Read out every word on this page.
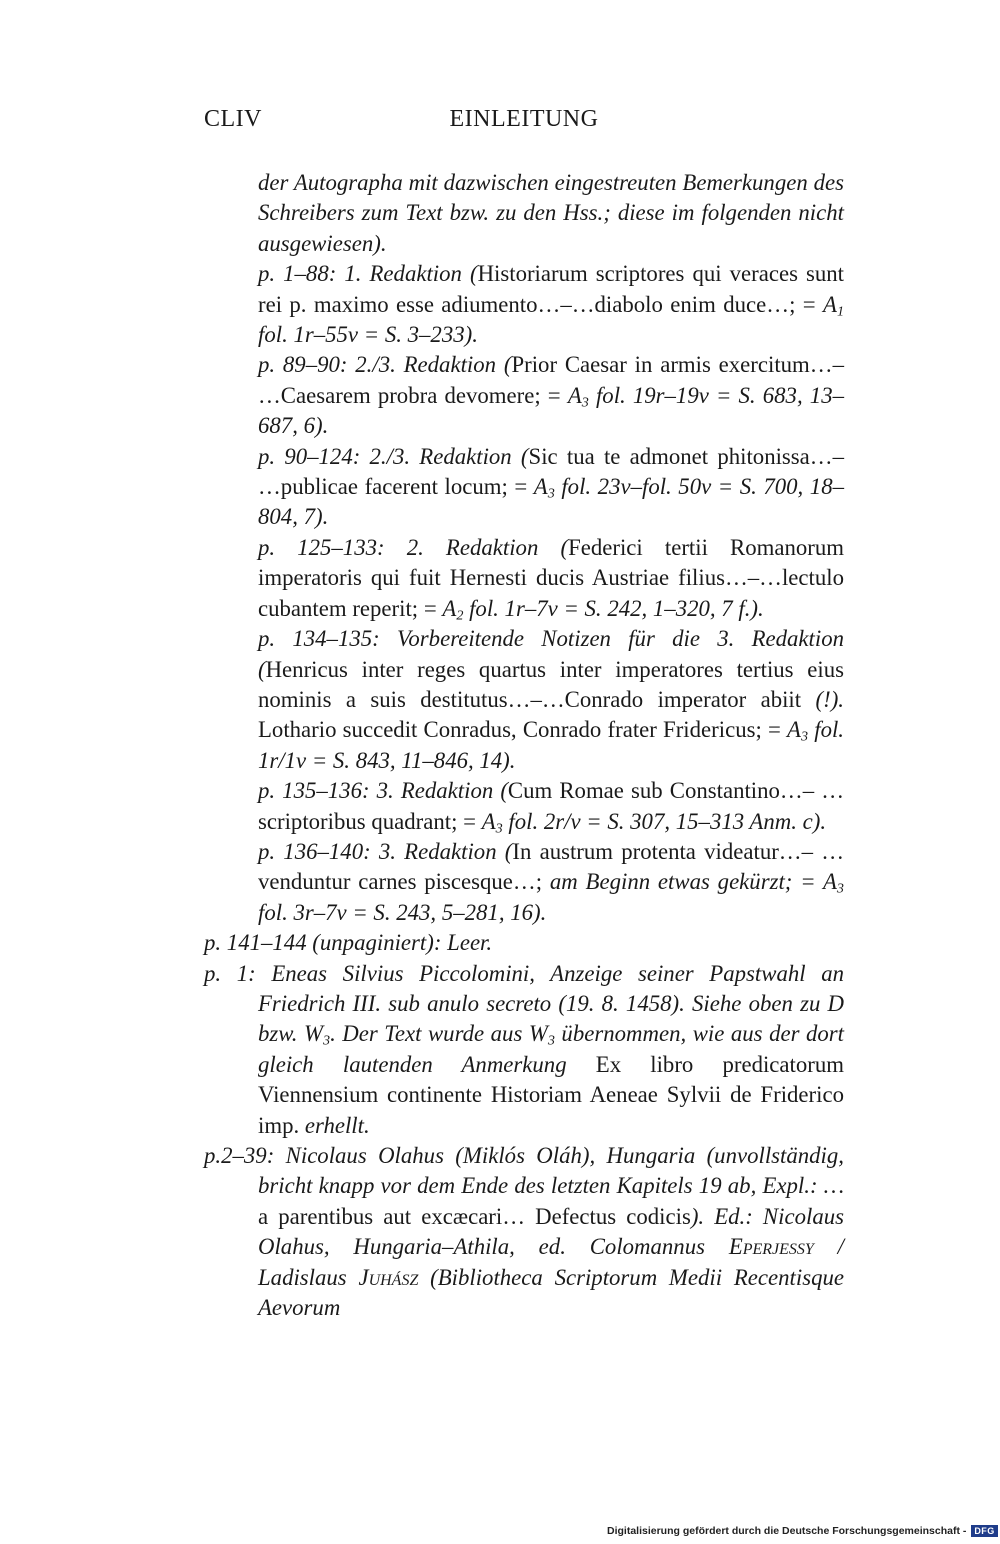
CLIV	EINLEITUNG

der Autographa mit dazwischen eingestreuten Bemerkungen des Schreibers zum Text bzw. zu den Hss.; diese im folgenden nicht ausgewiesen).

p. 1–88: 1. Redaktion (Historiarum scriptores qui veraces sunt rei p. maximo esse adiumento…–…diabolo enim duce…; = $A_1$ fol. 1r–55v = S. 3–233).

p. 89–90: 2./3. Redaktion (Prior Caesar in armis exercitum…– …Caesarem probra devomere; = $A_3$ fol. 19r–19v = S. 683, 13– 687, 6).

p. 90–124: 2./3. Redaktion (Sic tua te admonet phitonissa…– …publicae facerent locum; = $A_3$ fol. 23v–fol. 50v = S. 700, 18– 804, 7).

p. 125–133: 2. Redaktion (Federici tertii Romanorum imperatoris qui fuit Hernesti ducis Austriae filius…–…lectulo cubantem reperit; = $A_2$ fol. 1r–7v = S. 242, 1–320, 7 f.).

p. 134–135: Vorbereitende Notizen für die 3. Redaktion (Henricus inter reges quartus inter imperatores tertius eius nominis a suis destitutus…–…Conrado imperator abiit (!). Lothario succedit Conradus, Conrado frater Fridericus; = $A_3$ fol. 1r/1v = S. 843, 11–846, 14).

p. 135–136: 3. Redaktion (Cum Romae sub Constantino…– …scriptoribus quadrant; = $A_3$ fol. 2r/v = S. 307, 15–313 Anm. c).

p. 136–140: 3. Redaktion (In austrum protenta videatur…– …venduntur carnes piscesque…; am Beginn etwas gekürzt; = $A_3$ fol. 3r–7v = S. 243, 5–281, 16).

p. 141–144 (unpaginiert): Leer.

p. 1: Eneas Silvius Piccolomini, Anzeige seiner Papstwahl an Friedrich III. sub anulo secreto (19. 8. 1458). Siehe oben zu D bzw. $W_3$. Der Text wurde aus $W_3$ übernommen, wie aus der dort gleich lautenden Anmerkung Ex libro predicatorum Viennensium continente Historiam Aeneae Sylvii de Friderico imp. erhellt.

p.2–39: Nicolaus Olahus (Miklós Oláh), Hungaria (unvollständig, bricht knapp vor dem Ende des letzten Kapitels 19 ab, Expl.: … a parentibus aut excæcari… Defectus codicis). Ed.: Nicolaus Olahus, Hungaria–Athila, ed. Colomannus Eperjessy / Ladislaus Juhász (Bibliotheca Scriptorum Medii Recentisque Aevorum

Digitalisierung gefördert durch die Deutsche Forschungsgemeinschaft - DFG
